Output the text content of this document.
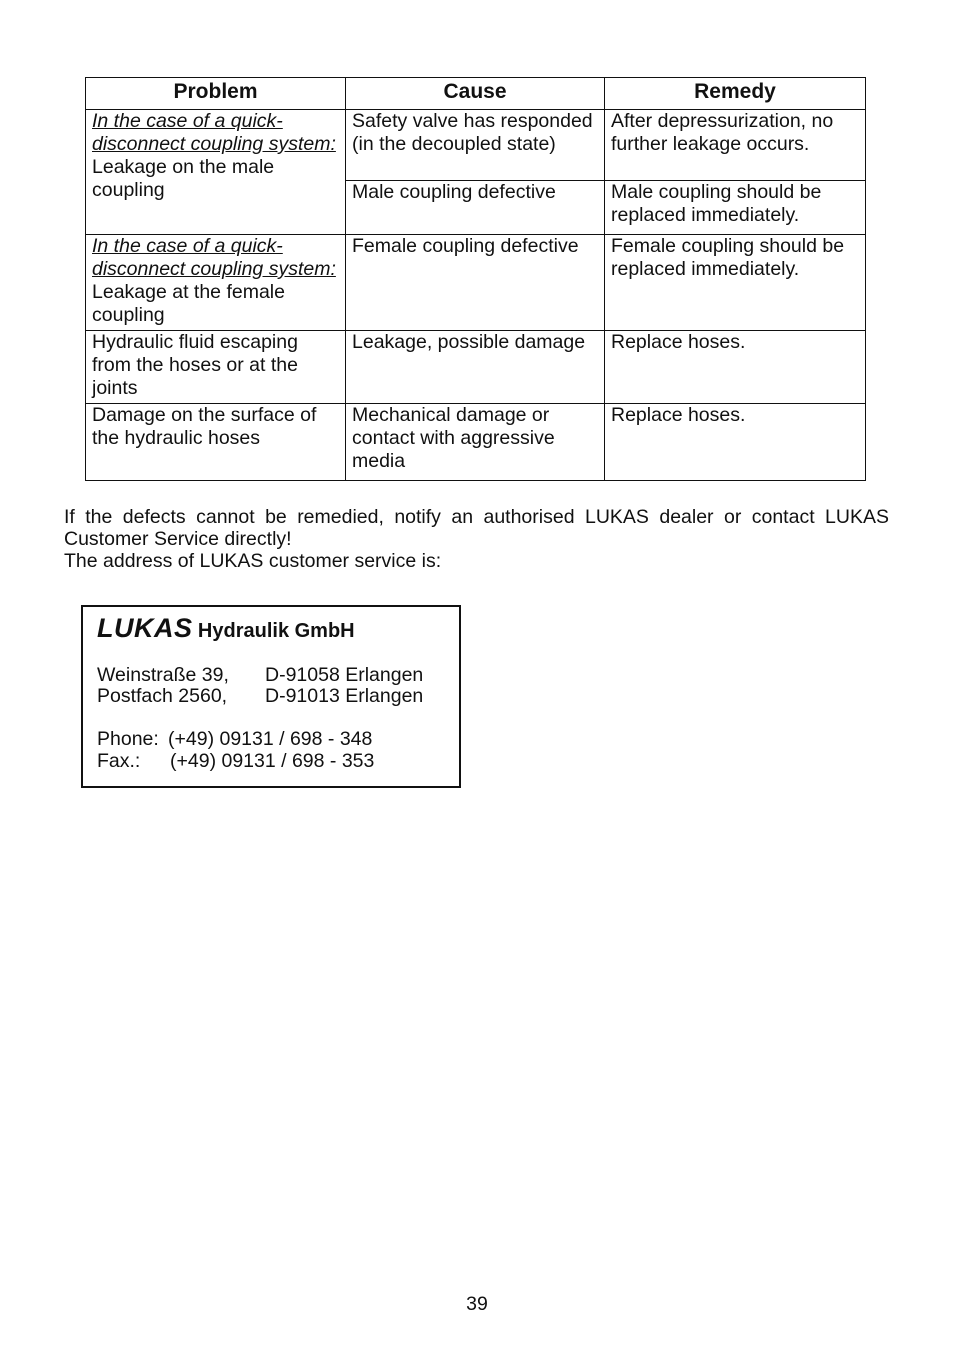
Problem	Cause	Remedy
In the case of a quick-disconnect coupling system: Leakage on the male coupling	Safety valve has responded (in the decoupled state)	After depressurization, no further leakage occurs.
	Male coupling defective	Male coupling should be replaced immediately.
In the case of a quick-disconnect coupling system: Leakage at the female coupling	Female coupling defective	Female coupling should be replaced immediately.
Hydraulic fluid escaping from the hoses or at the joints	Leakage, possible damage	Replace hoses.
Damage on the surface of the hydraulic hoses	Mechanical damage or contact with aggressive media	Replace hoses.
If the defects cannot be remedied, notify an authorised LUKAS dealer or contact LUKAS Customer Service directly!
The address of LUKAS customer service is:
LUKAS Hydraulik GmbH
Weinstraße 39, D-91058 Erlangen
Postfach 2560, D-91013 Erlangen
Phone: (+49) 09131 / 698 - 348
Fax.: (+49) 09131 / 698 - 353
39
